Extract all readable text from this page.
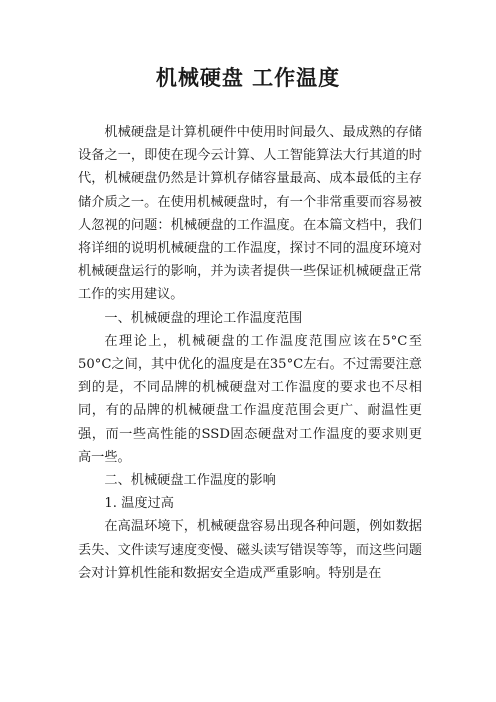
机械硬盘 工作温度

机械硬盘是计算机硬件中使用时间最久、最成熟的存储设备之一，即使在现今云计算、人工智能算法大行其道的时代，机械硬盘仍然是计算机存储容量最高、成本最低的主存储介质之一。在使用机械硬盘时，有一个非常重要而容易被人忽视的问题：机械硬盘的工作温度。在本篇文档中，我们将详细的说明机械硬盘的工作温度，探讨不同的温度环境对机械硬盘运行的影响，并为读者提供一些保证机械硬盘正常工作的实用建议。

一、机械硬盘的理论工作温度范围

在理论上，机械硬盘的工作温度范围应该在5°C至50°C之间，其中优化的温度是在35°C左右。不过需要注意到的是，不同品牌的机械硬盘对工作温度的要求也不尽相同，有的品牌的机械硬盘工作温度范围会更广、耐温性更强，而一些高性能的SSD固态硬盘对工作温度的要求则更高一些。

二、机械硬盘工作温度的影响

1. 温度过高

在高温环境下，机械硬盘容易出现各种问题，例如数据丢失、文件读写速度变慢、磁头读写错误等等，而这些问题会对计算机性能和数据安全造成严重影响。特别是在
